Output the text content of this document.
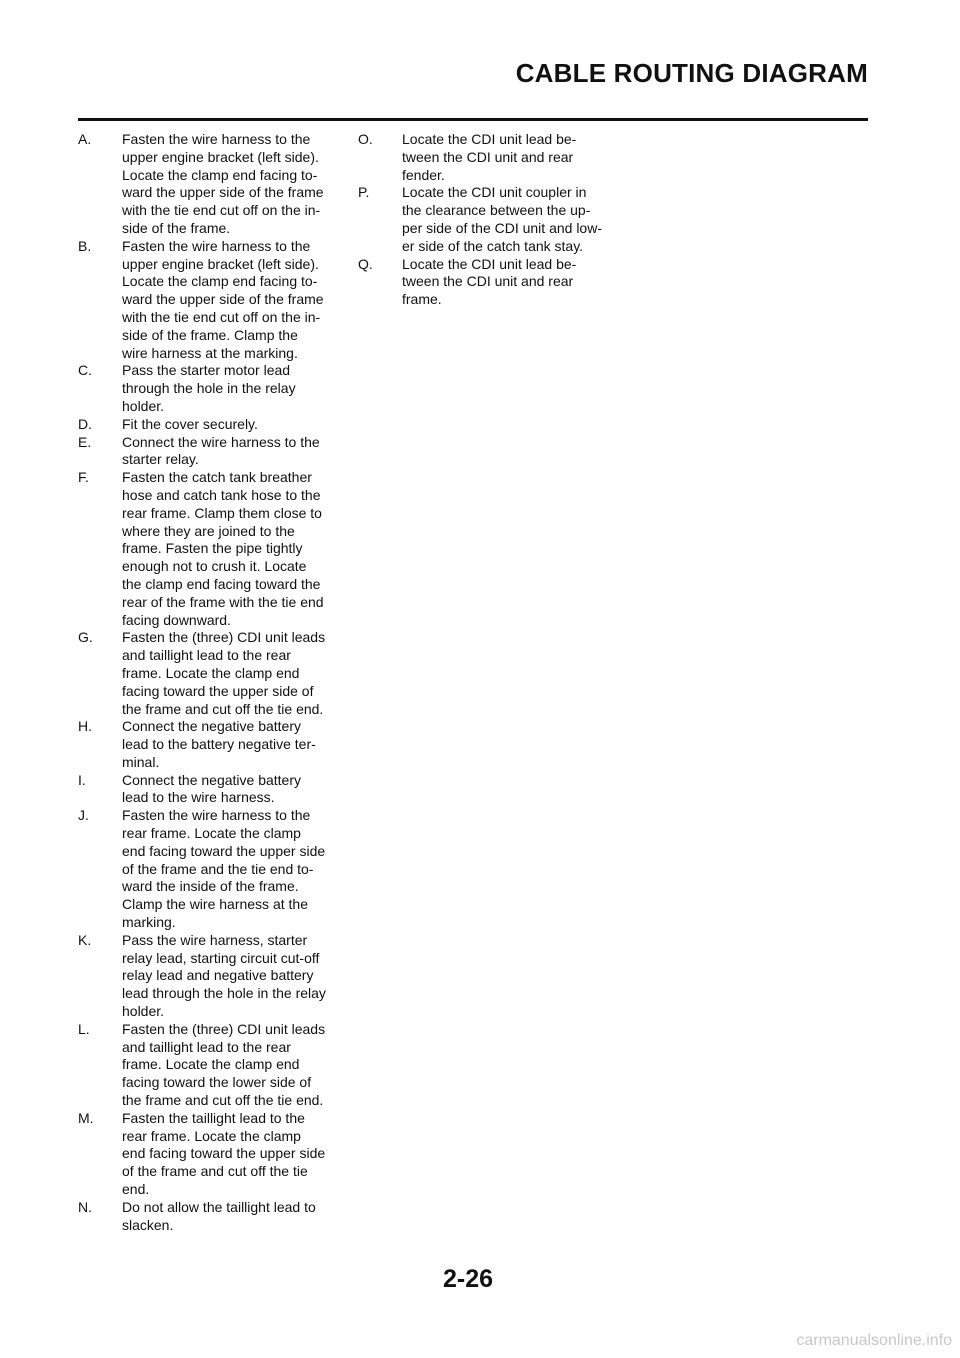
CABLE ROUTING DIAGRAM
A.	Fasten the wire harness to the
upper engine bracket (left side).
Locate the clamp end facing to-
ward the upper side of the frame
with the tie end cut off on the in-
side of the frame.
B.	Fasten the wire harness to the
upper engine bracket (left side).
Locate the clamp end facing to-
ward the upper side of the frame
with the tie end cut off on the in-
side of the frame. Clamp the
wire harness at the marking.
C.	Pass the starter motor lead
through the hole in the relay
holder.
D.	Fit the cover securely.
E.	Connect the wire harness to the
starter relay.
F.	Fasten the catch tank breather
hose and catch tank hose to the
rear frame. Clamp them close to
where they are joined to the
frame. Fasten the pipe tightly
enough not to crush it. Locate
the clamp end facing toward the
rear of the frame with the tie end
facing downward.
G.	Fasten the (three) CDI unit leads
and taillight lead to the rear
frame. Locate the clamp end
facing toward the upper side of
the frame and cut off the tie end.
H.	Connect the negative battery
lead to the battery negative ter-
minal.
I.	Connect the negative battery
lead to the wire harness.
J.	Fasten the wire harness to the
rear frame. Locate the clamp
end facing toward the upper side
of the frame and the tie end to-
ward the inside of the frame.
Clamp the wire harness at the
marking.
K.	Pass the wire harness, starter
relay lead, starting circuit cut-off
relay lead and negative battery
lead through the hole in the relay
holder.
L.	Fasten the (three) CDI unit leads
and taillight lead to the rear
frame. Locate the clamp end
facing toward the lower side of
the frame and cut off the tie end.
M.	Fasten the taillight lead to the
rear frame. Locate the clamp
end facing toward the upper side
of the frame and cut off the tie
end.
N.	Do not allow the taillight lead to
slacken.
O.	Locate the CDI unit lead be-
tween the CDI unit and rear
fender.
P.	Locate the CDI unit coupler in
the clearance between the up-
per side of the CDI unit and low-
er side of the catch tank stay.
Q.	Locate the CDI unit lead be-
tween the CDI unit and rear
frame.
2-26
carmanualsonline.info
